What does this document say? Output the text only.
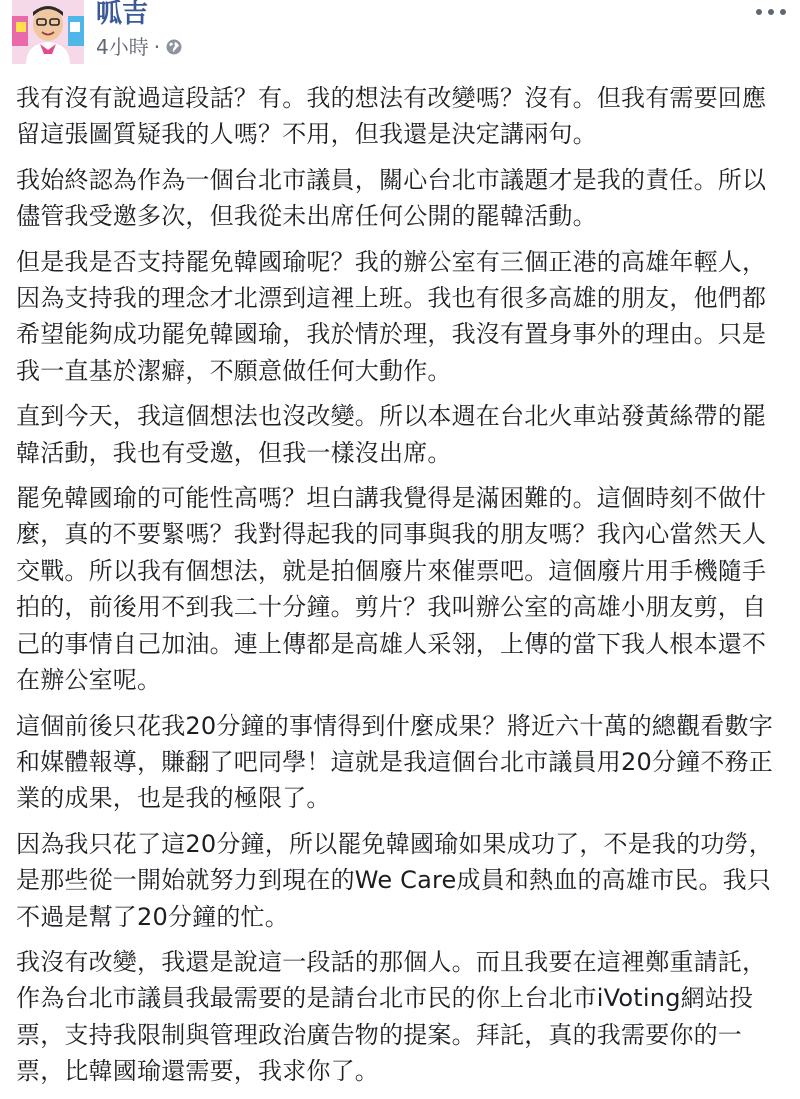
呱吉
4小時 ·

我有沒有說過這段話？有。我的想法有改變嗎？沒有。但我有需要回應留這張圖質疑我的人嗎？不用，但我還是決定講兩句。

我始終認為作為一個台北市議員，關心台北市議題才是我的責任。所以儘管我受邀多次，但我從未出席任何公開的罷韓活動。

但是我是否支持罷免韓國瑜呢？我的辦公室有三個正港的高雄年輕人，因為支持我的理念才北漂到這裡上班。我也有很多高雄的朋友，他們都希望能夠成功罷免韓國瑜，我於情於理，我沒有置身事外的理由。只是我一直基於潔癖，不願意做任何大動作。

直到今天，我這個想法也沒改變。所以本週在台北火車站發黃絲帶的罷韓活動，我也有受邀，但我一樣沒出席。

罷免韓國瑜的可能性高嗎？坦白講我覺得是滿困難的。這個時刻不做什麼，真的不要緊嗎？我對得起我的同事與我的朋友嗎？我內心當然天人交戰。所以我有個想法，就是拍個廢片來催票吧。這個廢片用手機隨手拍的，前後用不到我二十分鐘。剪片？我叫辦公室的高雄小朋友剪，自己的事情自己加油。連上傳都是高雄人采翎，上傳的當下我人根本還不在辦公室呢。

這個前後只花我20分鐘的事情得到什麼成果？將近六十萬的總觀看數字和媒體報導，賺翻了吧同學！這就是我這個台北市議員用20分鐘不務正業的成果，也是我的極限了。

因為我只花了這20分鐘，所以罷免韓國瑜如果成功了，不是我的功勞，是那些從一開始就努力到現在的We Care成員和熱血的高雄市民。我只不過是幫了20分鐘的忙。

我沒有改變，我還是說這一段話的那個人。而且我要在這裡鄭重請託，作為台北市議員我最需要的是請台北市民的你上台北市iVoting網站投票，支持我限制與管理政治廣告物的提案。拜託，真的我需要你的一票，比韓國瑜還需要，我求你了。
